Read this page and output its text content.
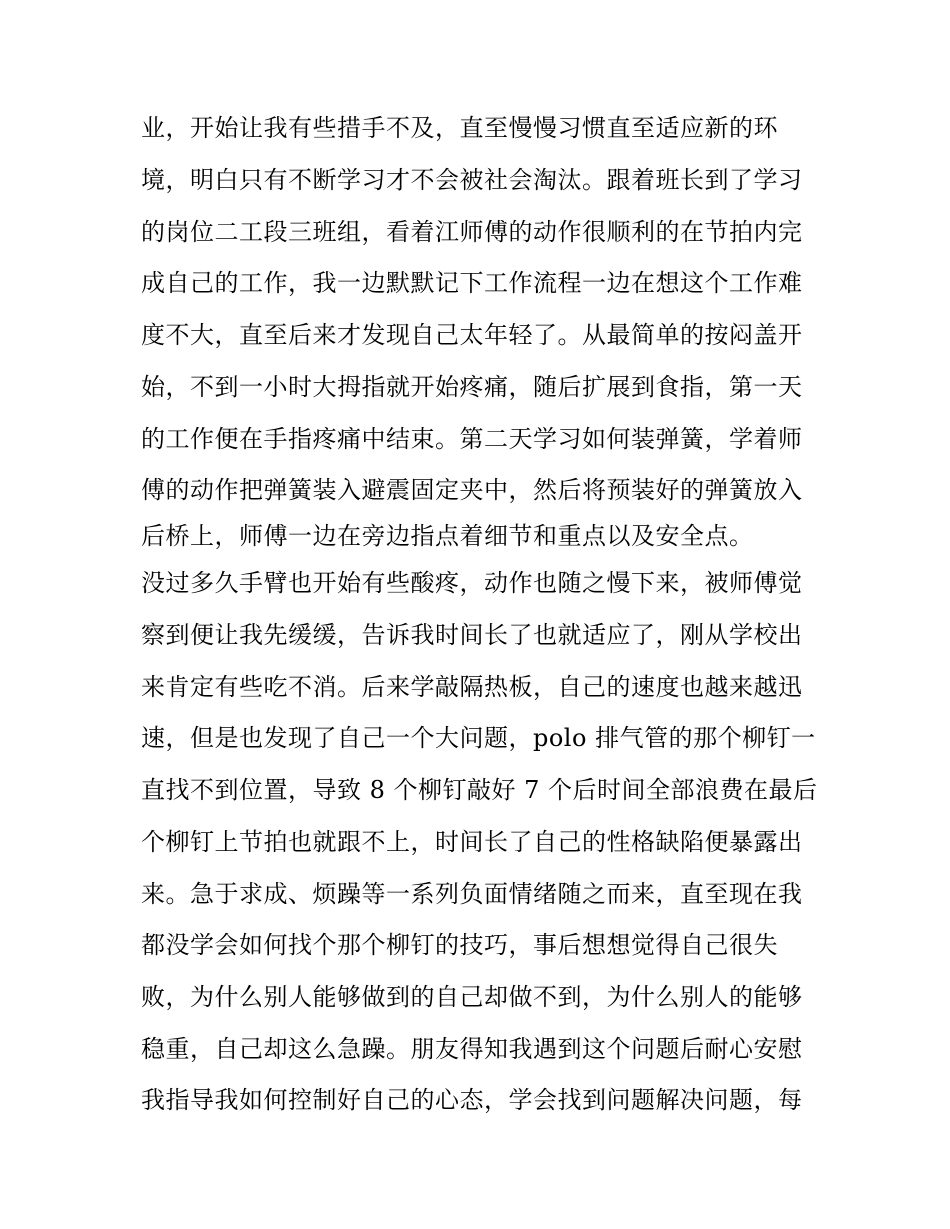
业，开始让我有些措手不及，直至慢慢习惯直至适应新的环
境，明白只有不断学习才不会被社会淘汰。跟着班长到了学习
的岗位二工段三班组，看着江师傅的动作很顺利的在节拍内完
成自己的工作，我一边默默记下工作流程一边在想这个工作难
度不大，直至后来才发现自己太年轻了。从最简单的按闷盖开
始，不到一小时大拇指就开始疼痛，随后扩展到食指，第一天
的工作便在手指疼痛中结束。第二天学习如何装弹簧，学着师
傅的动作把弹簧装入避震固定夹中，然后将预装好的弹簧放入
后桥上，师傅一边在旁边指点着细节和重点以及安全点。
没过多久手臂也开始有些酸疼，动作也随之慢下来，被师傅觉
察到便让我先缓缓，告诉我时间长了也就适应了，刚从学校出
来肯定有些吃不消。后来学敲隔热板，自己的速度也越来越迅
速，但是也发现了自己一个大问题，polo 排气管的那个柳钉一
直找不到位置，导致 8 个柳钉敲好 7 个后时间全部浪费在最后
个柳钉上节拍也就跟不上，时间长了自己的性格缺陷便暴露出
来。急于求成、烦躁等一系列负面情绪随之而来，直至现在我
都没学会如何找个那个柳钉的技巧，事后想想觉得自己很失
败，为什么别人能够做到的自己却做不到，为什么别人的能够
稳重，自己却这么急躁。朋友得知我遇到这个问题后耐心安慰
我指导我如何控制好自己的心态，学会找到问题解决问题，每
